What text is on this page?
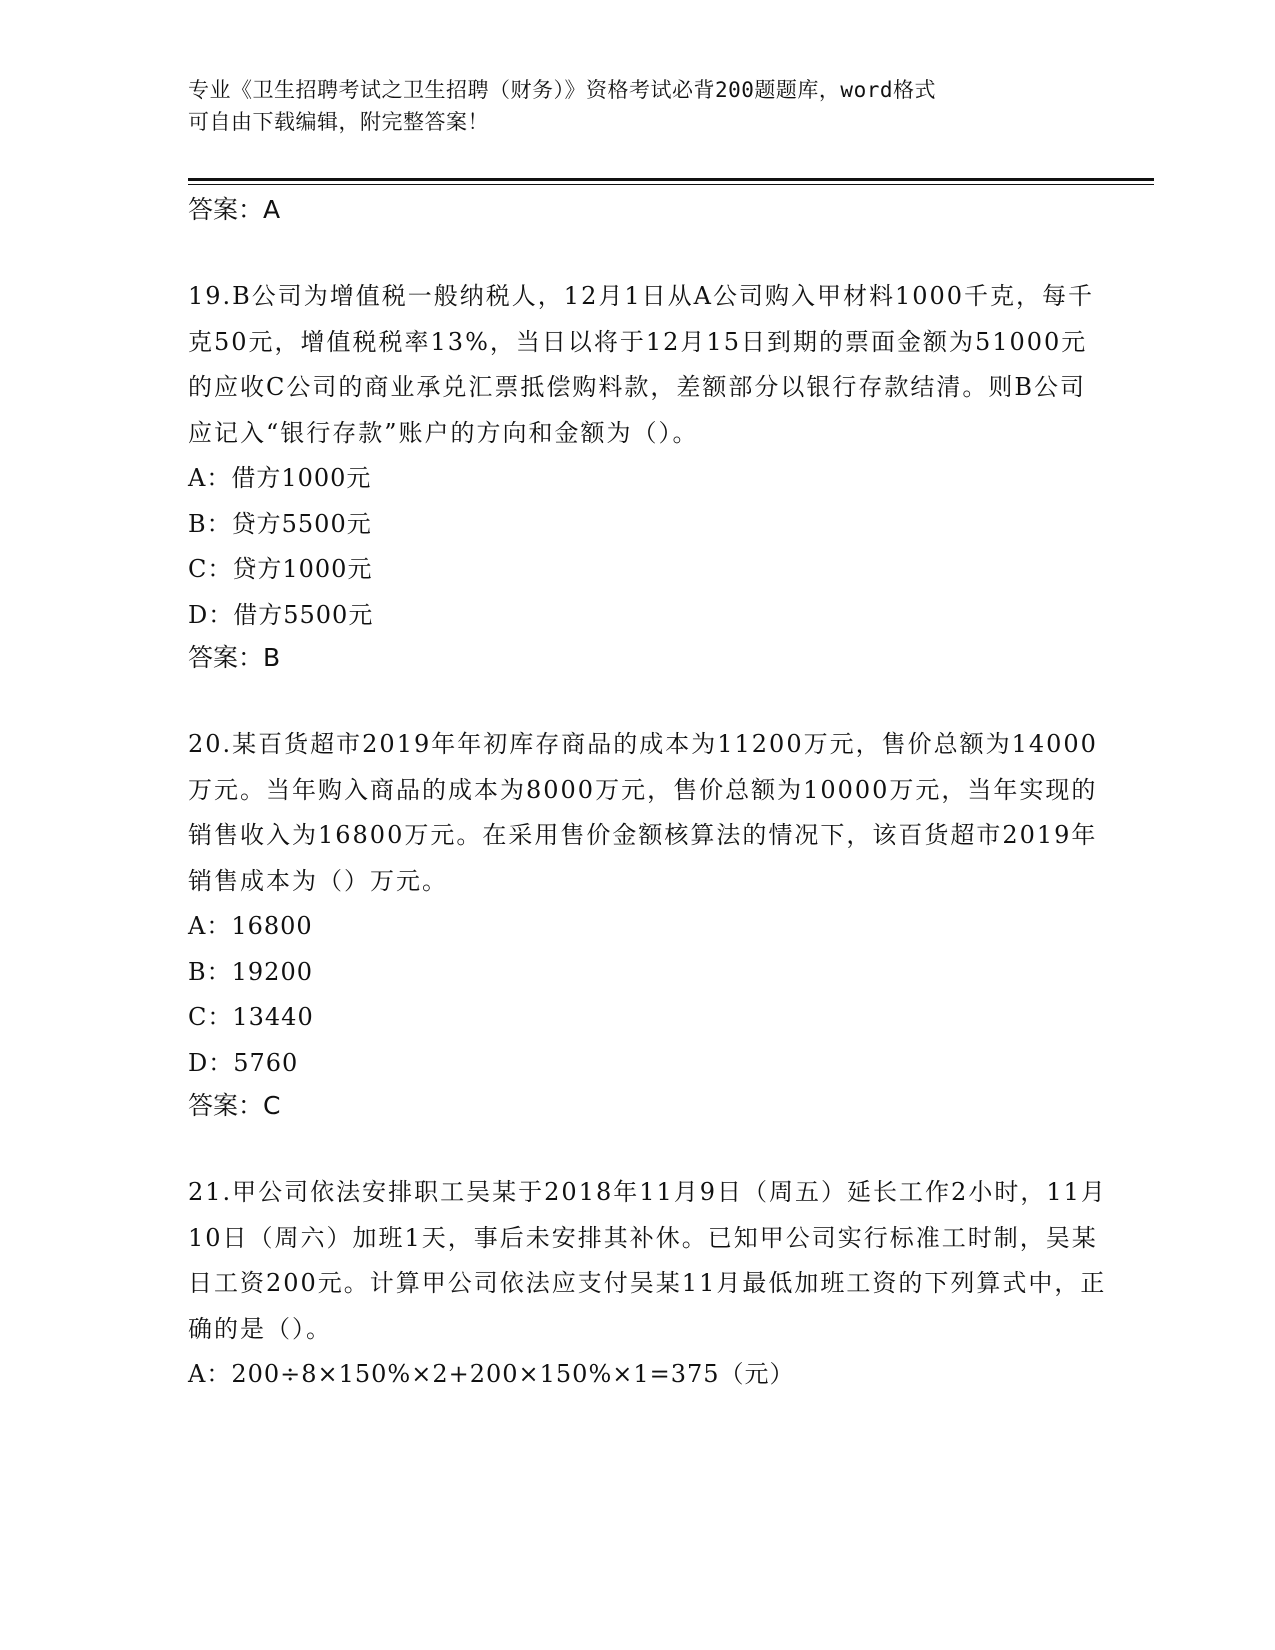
专业《卫生招聘考试之卫生招聘（财务）》资格考试必背200题题库，word格式

可自由下载编辑，附完整答案！

答案：A

19.B公司为增值税一般纳税人，12月1日从A公司购入甲材料1000千克，每千克50元，增值税税率13%，当日以将于12月15日到期的票面金额为51000元的应收C公司的商业承兑汇票抵偿购料款，差额部分以银行存款结清。则B公司应记入“银行存款”账户的方向和金额为（）。

A：借方1000元
B：贷方5500元
C：贷方1000元
D：借方5500元

答案：B

20.某百货超市2019年年初库存商品的成本为11200万元，售价总额为14000万元。当年购入商品的成本为8000万元，售价总额为10000万元，当年实现的销售收入为16800万元。在采用售价金额核算法的情况下，该百货超市2019年销售成本为（）万元。

A：16800
B：19200
C：13440
D：5760

答案：C

21.甲公司依法安排职工吴某于2018年11月9日（周五）延长工作2小时，11月10日（周六）加班1天，事后未安排其补休。已知甲公司实行标准工时制，吴某日工资200元。计算甲公司依法应支付吴某11月最低加班工资的下列算式中，正确的是（）。

A：200÷8×150%×2+200×150%×1=375（元）
